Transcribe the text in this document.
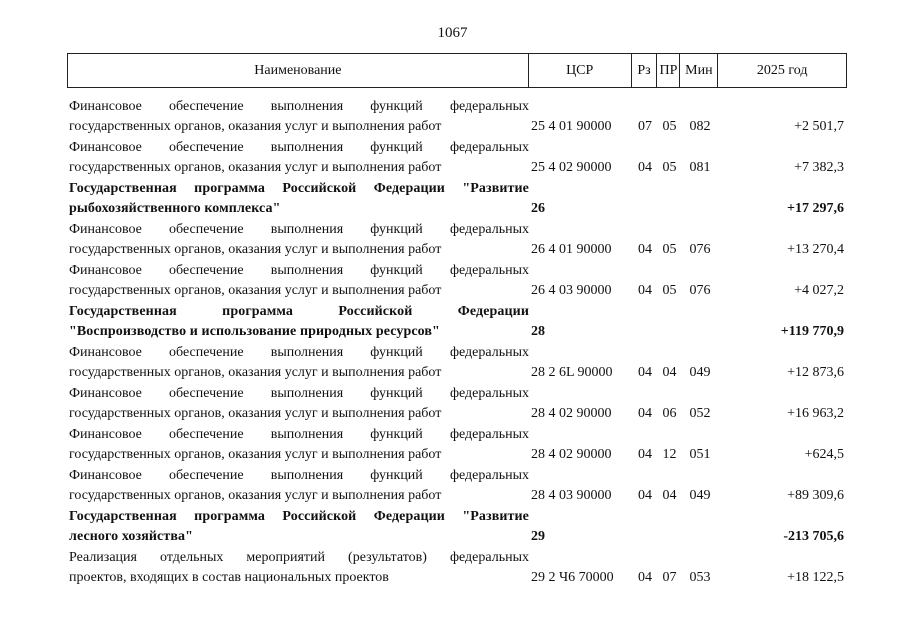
1067
Наименование	ЦСР	Рз ПР Мин	2025 год
Финансовое обеспечение выполнения функций федеральных
государственных органов, оказания услуг и выполнения работ	25 4 01 90000	07 05 082	+2 501,7
Финансовое обеспечение выполнения функций федеральных
государственных органов, оказания услуг и выполнения работ	25 4 02 90000	04 05 081	+7 382,3
Государственная программа Российской Федерации "Развитие
рыбохозяйственного комплекса"	26	+17 297,6
Финансовое обеспечение выполнения функций федеральных
государственных органов, оказания услуг и выполнения работ	26 4 01 90000	04 05 076	+13 270,4
Финансовое обеспечение выполнения функций федеральных
государственных органов, оказания услуг и выполнения работ	26 4 03 90000	04 05 076	+4 027,2
Государственная программа Российской Федерации
"Воспроизводство и использование природных ресурсов"	28	+119 770,9
Финансовое обеспечение выполнения функций федеральных
государственных органов, оказания услуг и выполнения работ	28 2 6L 90000	04 04 049	+12 873,6
Финансовое обеспечение выполнения функций федеральных
государственных органов, оказания услуг и выполнения работ	28 4 02 90000	04 06 052	+16 963,2
Финансовое обеспечение выполнения функций федеральных
государственных органов, оказания услуг и выполнения работ	28 4 02 90000	04 12 051	+624,5
Финансовое обеспечение выполнения функций федеральных
государственных органов, оказания услуг и выполнения работ	28 4 03 90000	04 04 049	+89 309,6
Государственная программа Российской Федерации "Развитие
лесного хозяйства"	29	-213 705,6
Реализация отдельных мероприятий (результатов) федеральных
проектов, входящих в состав национальных проектов	29 2 Ч6 70000	04 07 053	+18 122,5
